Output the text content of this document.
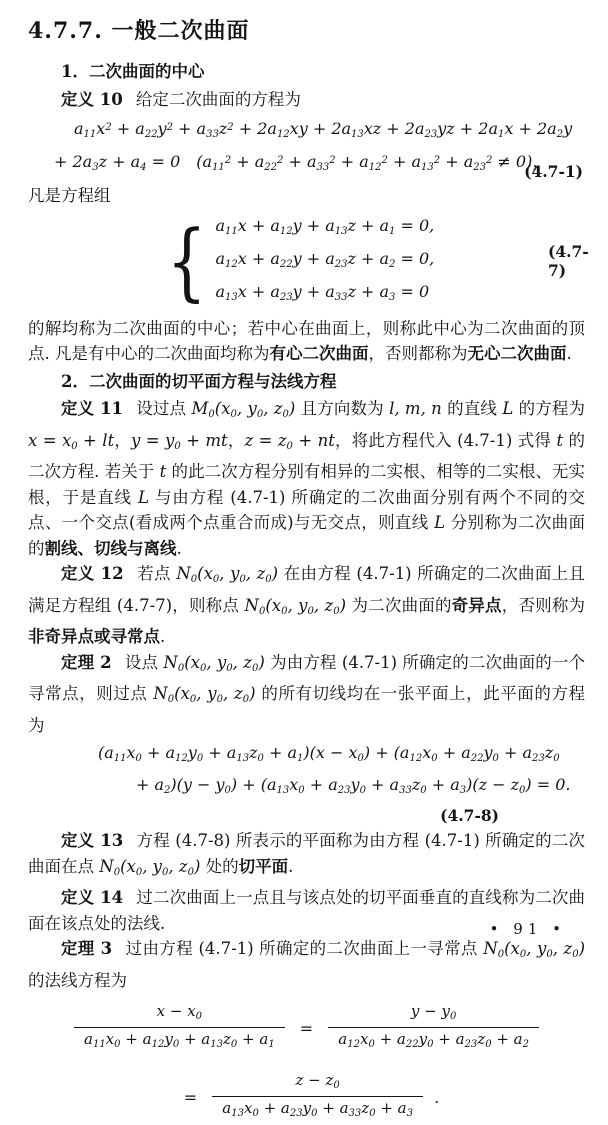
4.7.7. 一般二次曲面

1．二次曲面的中心

定义 10 给定二次曲面的方程为

$a_{11}x^2 + a_{22}y^2 + a_{33}z^2 + 2a_{12}xy + 2a_{13}xz + 2a_{23}yz + 2a_1x + 2a_2y$
+ $2a_3z + a_4 = 0$　$(a_{11}^2 + a_{22}^2 + a_{33}^2 + a_{12}^2 + a_{13}^2 + a_{23}^2 \ne 0)$，
(4.7-1)

凡是方程组

{ $a_{11}x + a_{12}y + a_{13}z + a_1 = 0$,
$a_{12}x + a_{22}y + a_{23}z + a_2 = 0$,
$a_{13}x + a_{23}y + a_{33}z + a_3 = 0$
(4.7-7)

的解均称为二次曲面的中心；若中心在曲面上，则称此中心为二次曲面的顶点. 凡是有中心的二次曲面均称为有心二次曲面，否则都称为无心二次曲面.

2．二次曲面的切平面方程与法线方程

定义 11 设过点 $M_0(x_0$, $y_0$, $z_0$) 且方向数为 l, m, n 的直线 L 的方程为 $x = x_0$ + lt，$y = y_0$ + mt，$z = z_0$ + nt，将此方程代入 (4.7-1) 式得 t 的二次方程. 若关于 t 的此二次方程分别有相异的二实根、相等的二实根、无实根，于是直线 L 与由方程 (4.7-1) 所确定的二次曲面分别有两个不同的交点、一个交点(看成两个点重合而成)与无交点，则直线 L 分别称为二次曲面的割线、切线与离线.

定义 12 若点 $N_0(x_0$, $y_0$, $z_0$) 在由方程 (4.7-1) 所确定的二次曲面上且满足方程组 (4.7-7)，则称点 $N_0(x_0$, $y_0$, $z_0$) 为二次曲面的奇异点，否则称为非奇异点或寻常点.

定理 2 设点 $N_0(x_0$, $y_0$, $z_0$) 为由方程 (4.7-1) 所确定的二次曲面的一个寻常点，则过点 $N_0(x_0$, $y_0$, $z_0$) 的所有切线均在一张平面上，此平面的方程为

$(a_{11}x_0 + a_{12}y_0 + a_{13}z_0 + a_1)(x - x_0) + (a_{12}x_0 + a_{22}y_0 + a_{23}z_0$
+ $a_2)(y - y_0) + (a_{13}x_0 + a_{23}y_0 + a_{33}z_0 + a_3)(z - z_0) = 0$.
(4.7-8)

定义 13 方程 (4.7-8) 所表示的平面称为由方程 (4.7-1) 所确定的二次曲面在点 $N_0(x_0$, $y_0$, $z_0$) 处的切平面.

定义 14 过二次曲面上一点且与该点处的切平面垂直的直线称为二次曲面在该点处的法线.

定理 3 过由方程 (4.7-1) 所确定的二次曲面上一寻常点 $N_0(x_0$, $y_0$, $z_0$) 的法线方程为

$\frac{x - x_0}{a_{11}x_0 + a_{12}y_0 + a_{13}z_0 + a_1} = \frac{y - y_0}{a_{12}x_0 + a_{22}y_0 + a_{23}z_0 + a_2}$
= $\frac{z - z_0}{a_{13}x_0 + a_{23}y_0 + a_{33}z_0 + a_3}$ .
• 91 •
